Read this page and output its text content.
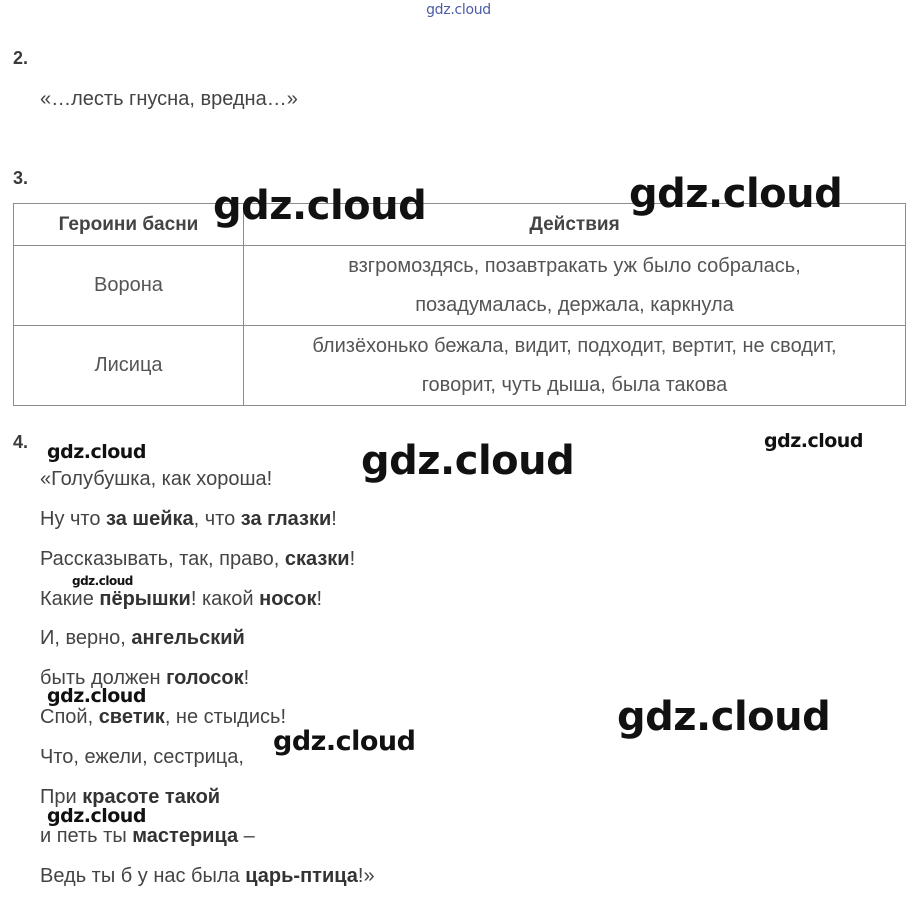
gdz.cloud
2.
«…лесть гнусна, вредна…»
3.
Героини басни	Действия
Ворона	взгромоздясь, позавтракать уж было собралась,
позадумалась, держала, каркнула

Лисица	близёхонько бежала, видит, подходит, вертит, не сводит,
говорит, чуть дыша, была такова
4.
«Голубушка, как хороша!
Ну что за шейка, что за глазки!
Рассказывать, так, право, сказки!
Какие пёрышки! какой носок!
И, верно, ангельский
быть должен голосок!
Спой, светик, не стыдись!
Что, ежели, сестрица,
При красоте такой
и петь ты мастерица –
Ведь ты б у нас была царь-птица!»
gdz.cloud	gdz.cloud
gdz.cloud	gdz.cloud	gdz.cloud
gdz.cloud
gdz.cloud	gdz.cloud
gdz.cloud
gdz.cloud
